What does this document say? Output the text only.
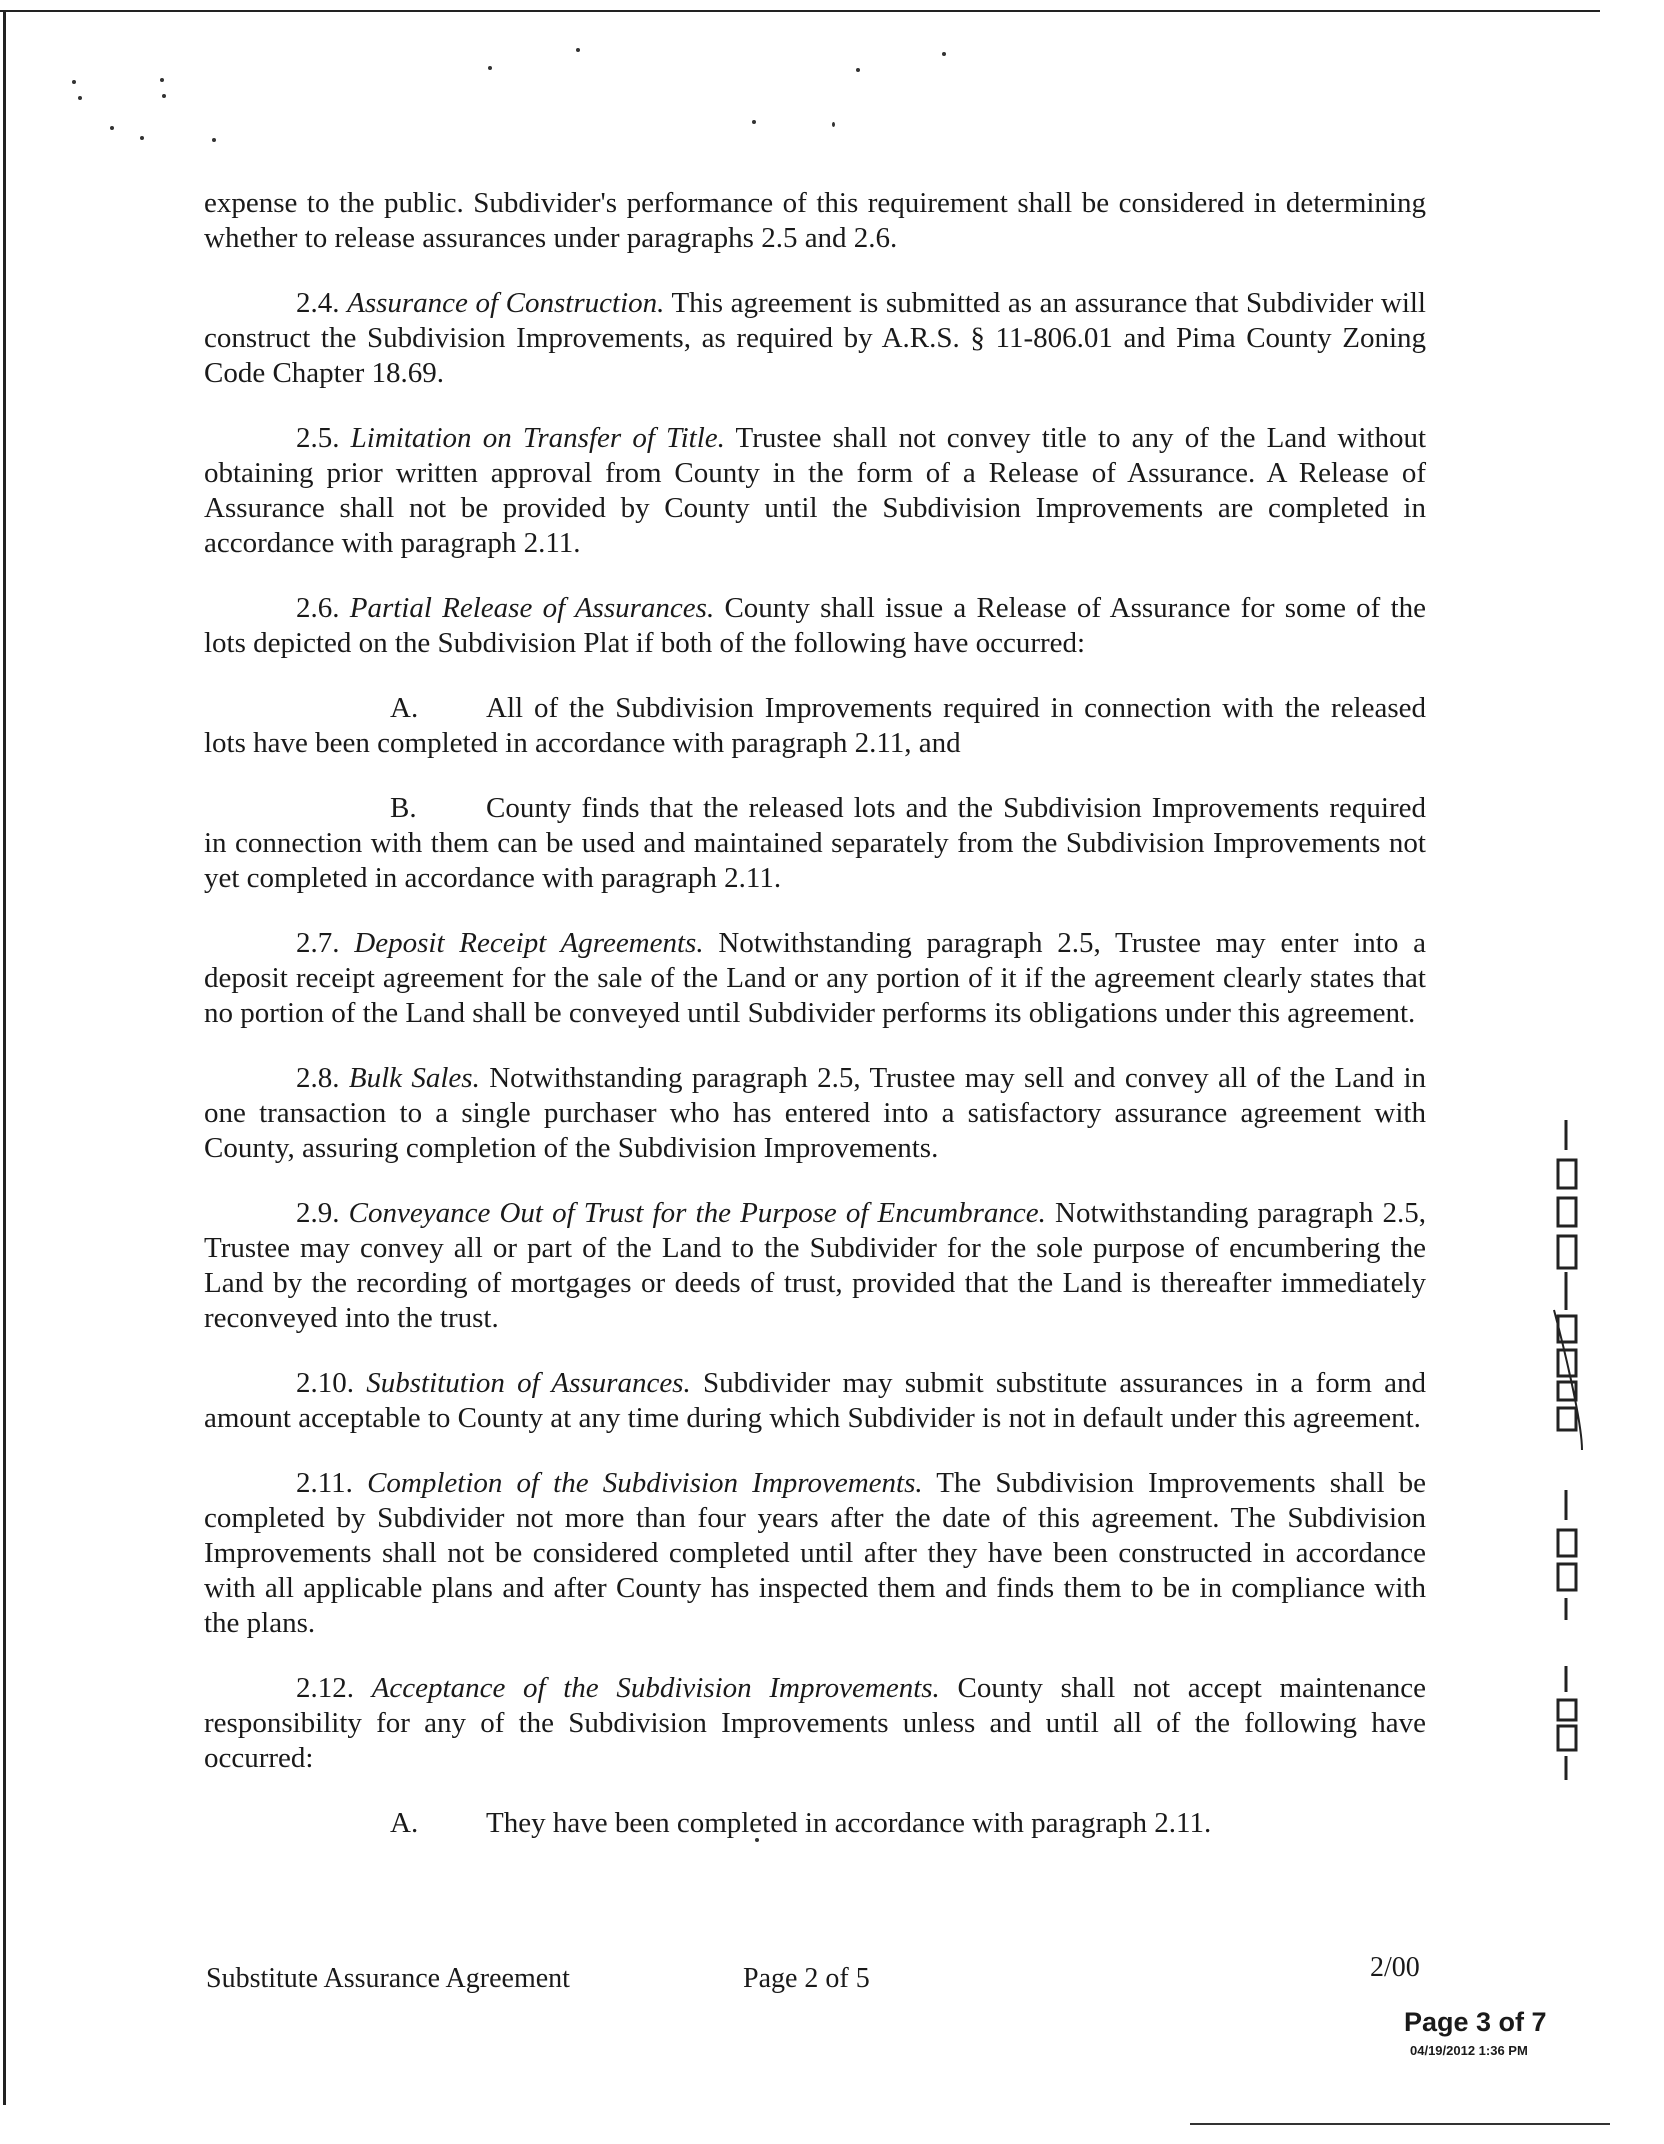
expense to the public. Subdivider's performance of this requirement shall be considered in determining whether to release assurances under paragraphs 2.5 and 2.6.
2.4. Assurance of Construction. This agreement is submitted as an assurance that Subdivider will construct the Subdivision Improvements, as required by A.R.S. § 11-806.01 and Pima County Zoning Code Chapter 18.69.
2.5. Limitation on Transfer of Title. Trustee shall not convey title to any of the Land without obtaining prior written approval from County in the form of a Release of Assurance. A Release of Assurance shall not be provided by County until the Subdivision Improvements are completed in accordance with paragraph 2.11.
2.6. Partial Release of Assurances. County shall issue a Release of Assurance for some of the lots depicted on the Subdivision Plat if both of the following have occurred:
A. All of the Subdivision Improvements required in connection with the released lots have been completed in accordance with paragraph 2.11, and
B. County finds that the released lots and the Subdivision Improvements required in connection with them can be used and maintained separately from the Subdivision Improvements not yet completed in accordance with paragraph 2.11.
2.7. Deposit Receipt Agreements. Notwithstanding paragraph 2.5, Trustee may enter into a deposit receipt agreement for the sale of the Land or any portion of it if the agreement clearly states that no portion of the Land shall be conveyed until Subdivider performs its obligations under this agreement.
2.8. Bulk Sales. Notwithstanding paragraph 2.5, Trustee may sell and convey all of the Land in one transaction to a single purchaser who has entered into a satisfactory assurance agreement with County, assuring completion of the Subdivision Improvements.
2.9. Conveyance Out of Trust for the Purpose of Encumbrance. Notwithstanding paragraph 2.5, Trustee may convey all or part of the Land to the Subdivider for the sole purpose of encumbering the Land by the recording of mortgages or deeds of trust, provided that the Land is thereafter immediately reconveyed into the trust.
2.10. Substitution of Assurances. Subdivider may submit substitute assurances in a form and amount acceptable to County at any time during which Subdivider is not in default under this agreement.
2.11. Completion of the Subdivision Improvements. The Subdivision Improvements shall be completed by Subdivider not more than four years after the date of this agreement. The Subdivision Improvements shall not be considered completed until after they have been constructed in accordance with all applicable plans and after County has inspected them and finds them to be in compliance with the plans.
2.12. Acceptance of the Subdivision Improvements. County shall not accept maintenance responsibility for any of the Subdivision Improvements unless and until all of the following have occurred:
A. They have been completed in accordance with paragraph 2.11.
Substitute Assurance Agreement	Page 2 of 5	2/00
Page 3 of 7
04/19/2012 1:36 PM
